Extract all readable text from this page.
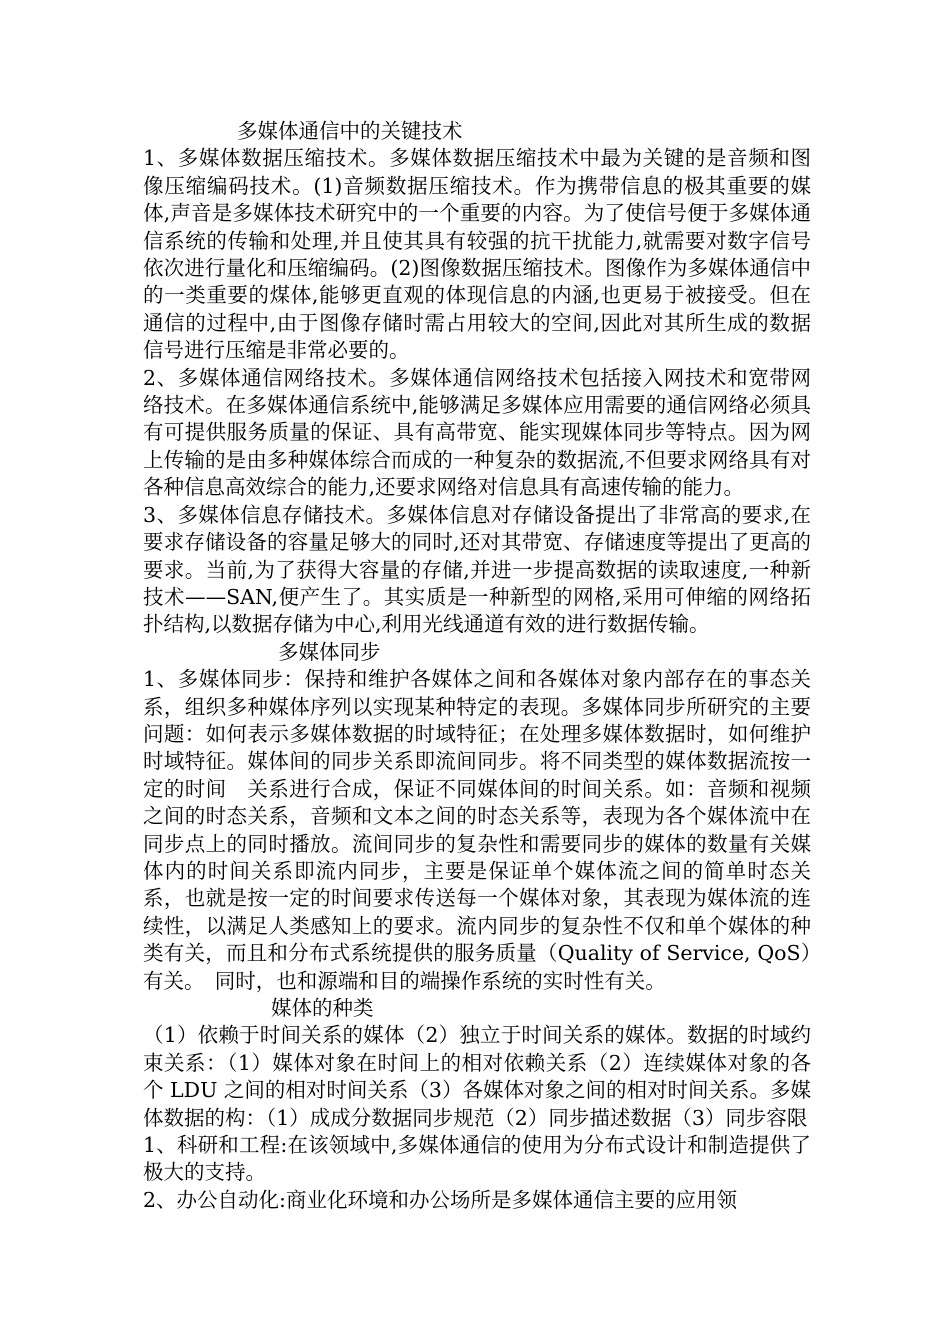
多媒体通信中的关键技术

1、多媒体数据压缩技术。多媒体数据压缩技术中最为关键的是音频和图像压缩编码技术。(1)音频数据压缩技术。作为携带信息的极其重要的媒体,声音是多媒体技术研究中的一个重要的内容。为了使信号便于多媒体通信系统的传输和处理,并且使其具有较强的抗干扰能力,就需要对数字信号依次进行量化和压缩编码。(2)图像数据压缩技术。图像作为多媒体通信中的一类重要的煤体,能够更直观的体现信息的内涵,也更易于被接受。但在通信的过程中,由于图像存储时需占用较大的空间,因此对其所生成的数据信号进行压缩是非常必要的。

2、多媒体通信网络技术。多媒体通信网络技术包括接入网技术和宽带网络技术。在多媒体通信系统中,能够满足多媒体应用需要的通信网络必须具有可提供服务质量的保证、具有高带宽、能实现媒体同步等特点。因为网上传输的是由多种媒体综合而成的一种复杂的数据流,不但要求网络具有对各种信息高效综合的能力,还要求网络对信息具有高速传输的能力。

3、多媒体信息存储技术。多媒体信息对存储设备提出了非常高的要求,在要求存储设备的容量足够大的同时,还对其带宽、存储速度等提出了更高的要求。当前,为了获得大容量的存储,并进一步提高数据的读取速度,一种新技术——SAN,便产生了。其实质是一种新型的网格,采用可伸缩的网络拓扑结构,以数据存储为中心,利用光线通道有效的进行数据传输。

多媒体同步

1、多媒体同步：保持和维护各媒体之间和各媒体对象内部存在的事态关系，组织多种媒体序列以实现某种特定的表现。多媒体同步所研究的主要问题：如何表示多媒体数据的时域特征；在处理多媒体数据时，如何维护时域特征。媒体间的同步关系即流间同步。将不同类型的媒体数据流按一定的时间　关系进行合成，保证不同媒体间的时间关系。如：音频和视频之间的时态关系，音频和文本之间的时态关系等，表现为各个媒体流中在同步点上的同时播放。流间同步的复杂性和需要同步的媒体的数量有关媒体内的时间关系即流内同步，主要是保证单个媒体流之间的简单时态关系，也就是按一定的时间要求传送每一个媒体对象，其表现为媒体流的连续性，以满足人类感知上的要求。流内同步的复杂性不仅和单个媒体的种类有关，而且和分布式系统提供的服务质量（Quality of Service, QoS）有关。　同时，也和源端和目的端操作系统的实时性有关。

媒体的种类

（1）依赖于时间关系的媒体（2）独立于时间关系的媒体。数据的时域约束关系：（1）媒体对象在时间上的相对依赖关系（2）连续媒体对象的各个 LDU 之间的相对时间关系（3）各媒体对象之间的相对时间关系。多媒体数据的构：（1）成成分数据同步规范（2）同步描述数据（3）同步容限

1、科研和工程:在该领域中,多媒体通信的使用为分布式设计和制造提供了极大的支持。

2、办公自动化:商业化环境和办公场所是多媒体通信主要的应用领
